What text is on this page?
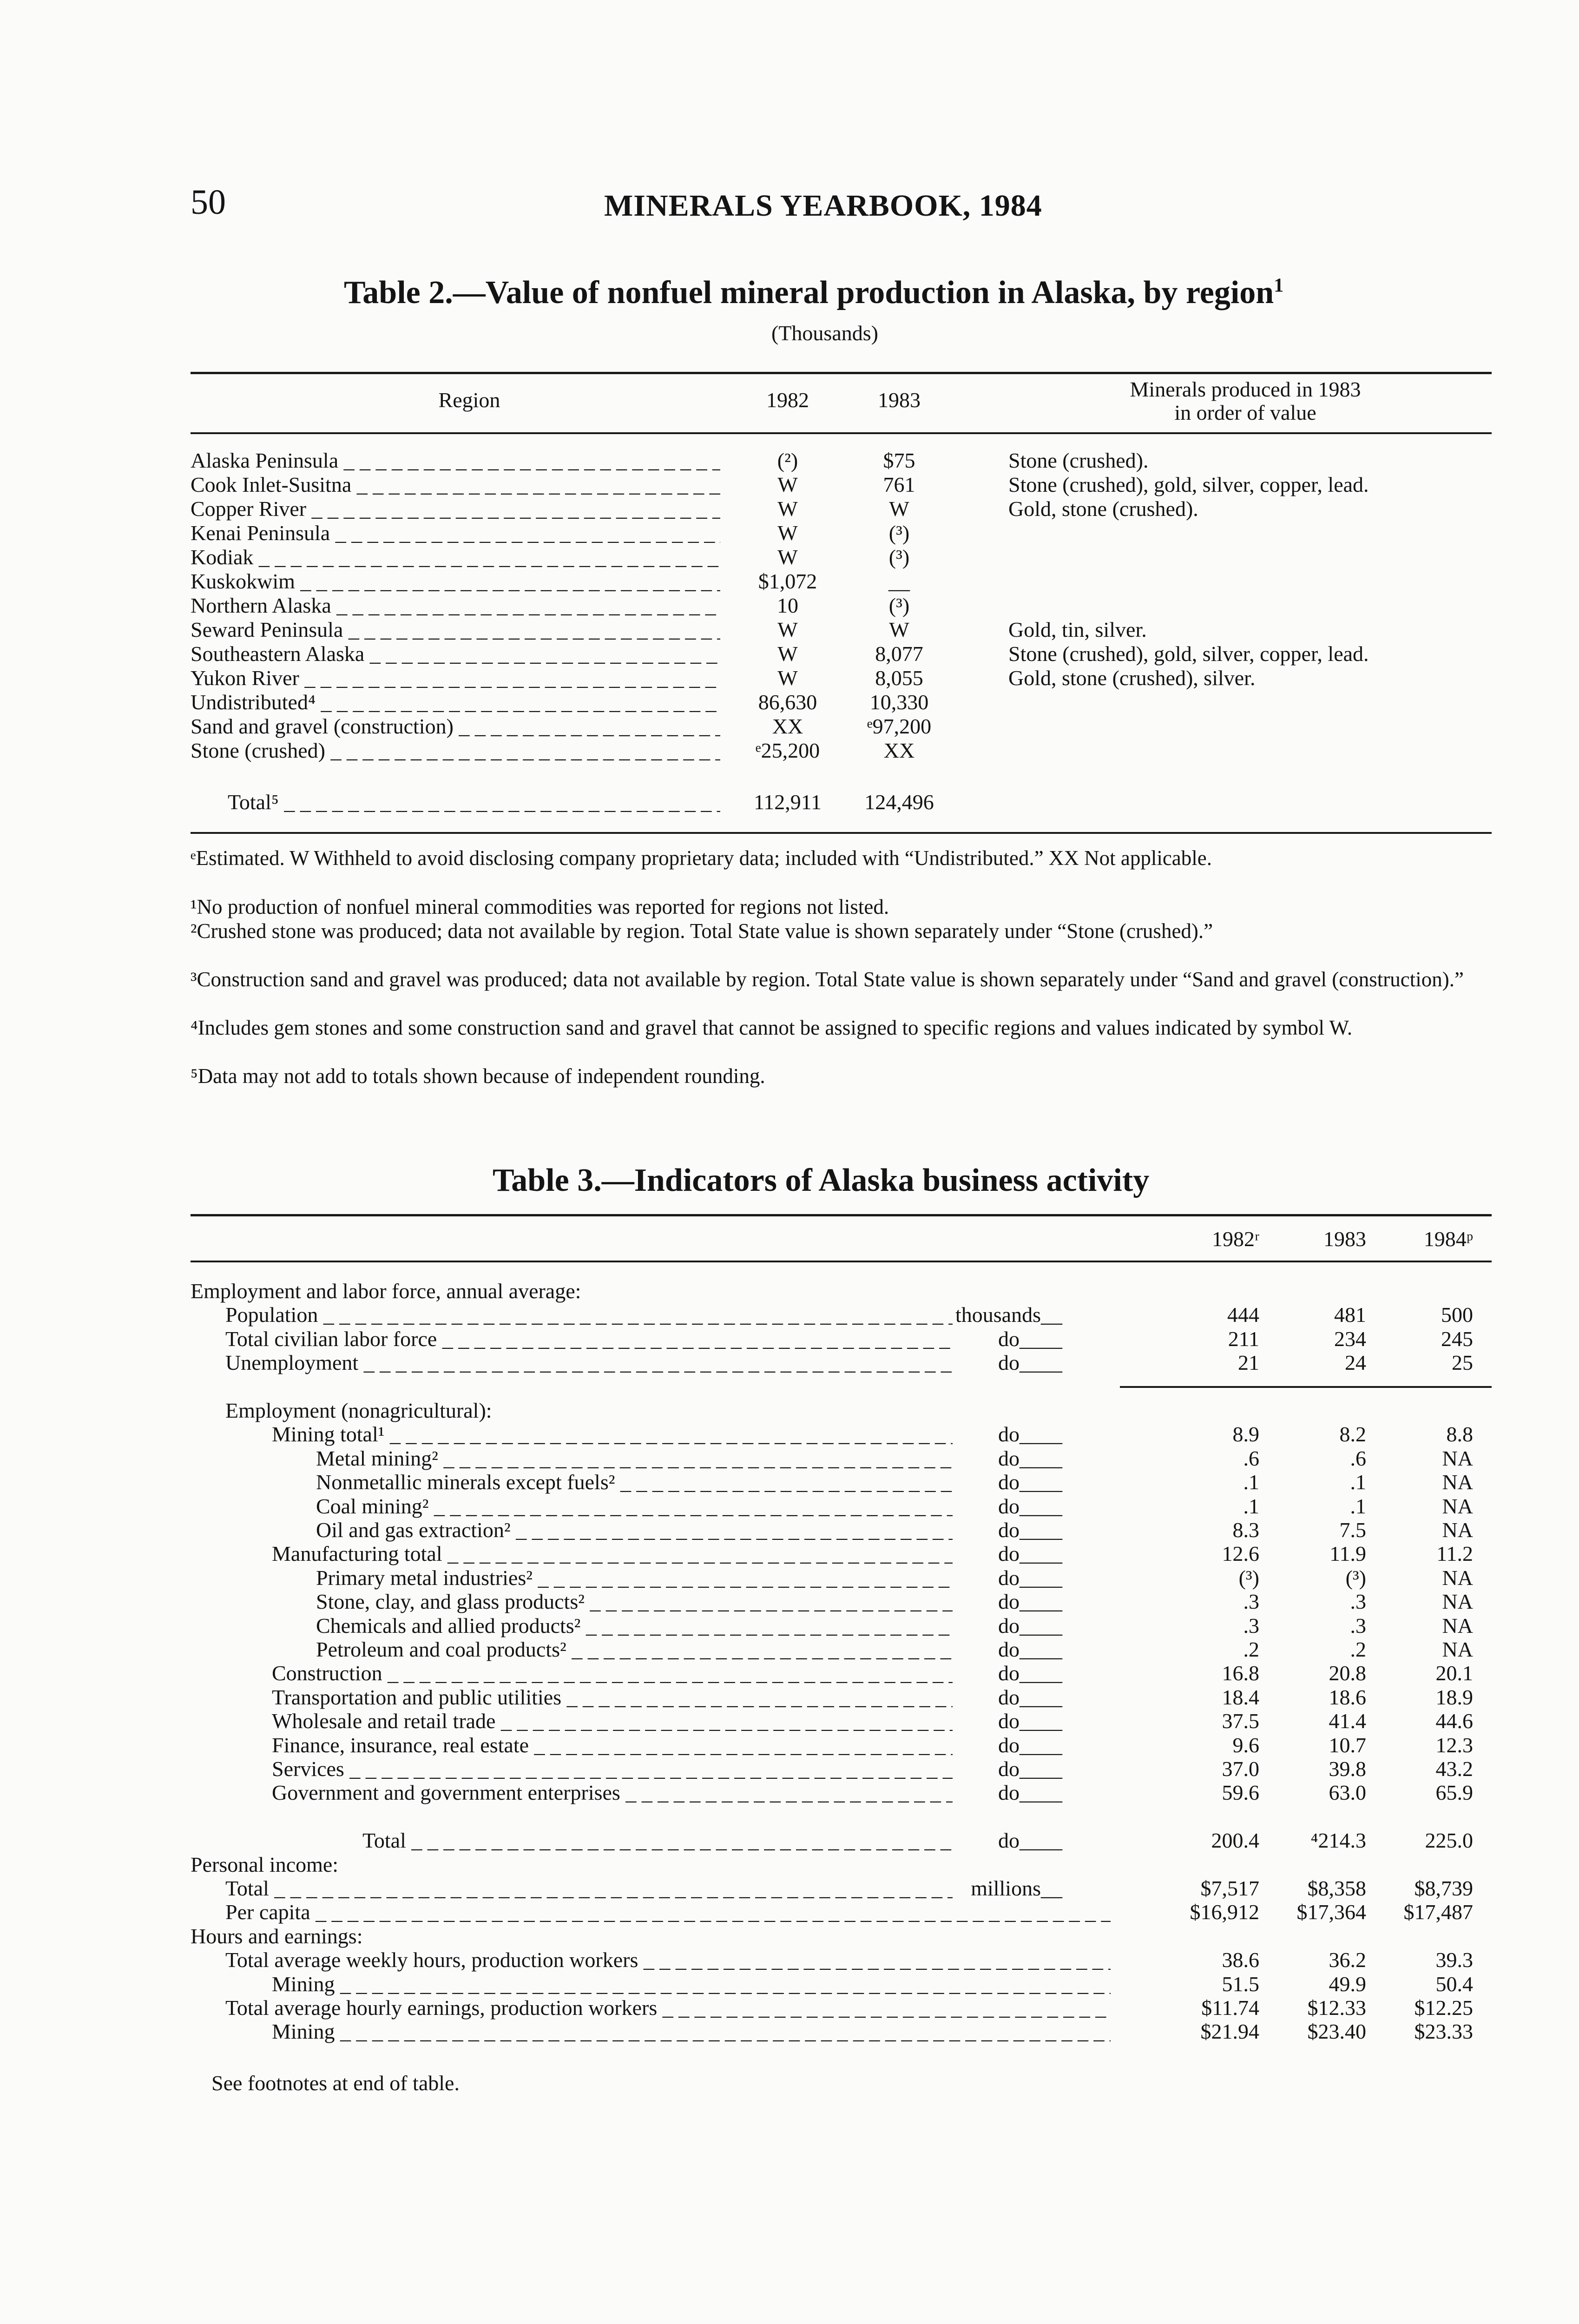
50	MINERALS YEARBOOK, 1984
Table 2.—Value of nonfuel mineral production in Alaska, by region$^1$
(Thousands)
Region	1982	1983	Minerals produced in 1983
in order of value
Alaska Peninsula _ _ _	(²)	$75	Stone (crushed).
Cook Inlet-Susitna _ _ _	W	761	Stone (crushed), gold, silver, copper, lead.
Copper River _ _ _	W	W	Gold, stone (crushed).
Kenai Peninsula _ _ _	W	(³)
Kodiak _ _ _	W	(³)
Kuskokwim _ _ _	$1,072	__
Northern Alaska _ _ _	10	(³)
Seward Peninsula _ _ _	W	W	Gold, tin, silver.
Southeastern Alaska _ _ _	W	8,077	Stone (crushed), gold, silver, copper, lead.
Yukon River _ _ _	W	8,055	Gold, stone (crushed), silver.
Undistributed⁴ _ _ _	86,630	10,330
Sand and gravel (construction) _ _ _	XX	ᵉ97,200
Stone (crushed) _ _ _	ᵉ25,200	XX
Total⁵ _ _ _	112,911	124,496
ᵉEstimated. W Withheld to avoid disclosing company proprietary data; included with “Undistributed.” XX Not applicable.
¹No production of nonfuel mineral commodities was reported for regions not listed.
²Crushed stone was produced; data not available by region. Total State value is shown separately under “Stone (crushed).”
³Construction sand and gravel was produced; data not available by region. Total State value is shown separately under “Sand and gravel (construction).”
⁴Includes gem stones and some construction sand and gravel that cannot be assigned to specific regions and values indicated by symbol W.
⁵Data may not add to totals shown because of independent rounding.
Table 3.—Indicators of Alaska business activity
1982ʳ	1983	1984ᵖ
Employment and labor force, annual average:
Population _ _ _	thousands__	444	481	500
Total civilian labor force _ _ _	do____	211	234	245
Unemployment _ _ _	do____	21	24	25
Employment (nonagricultural):
Mining total¹ _ _ _	do____	8.9	8.2	8.8
Metal mining² _ _ _	do____	.6	.6	NA
Nonmetallic minerals except fuels² _ _ _	do____	.1	.1	NA
Coal mining² _ _ _	do____	.1	.1	NA
Oil and gas extraction² _ _ _	do____	8.3	7.5	NA
Manufacturing total _ _ _	do____	12.6	11.9	11.2
Primary metal industries² _ _ _	do____	(³)	(³)	NA
Stone, clay, and glass products² _ _ _	do____	.3	.3	NA
Chemicals and allied products² _ _ _	do____	.3	.3	NA
Petroleum and coal products² _ _ _	do____	.2	.2	NA
Construction _ _ _	do____	16.8	20.8	20.1
Transportation and public utilities _ _ _	do____	18.4	18.6	18.9
Wholesale and retail trade _ _ _	do____	37.5	41.4	44.6
Finance, insurance, real estate _ _ _	do____	9.6	10.7	12.3
Services _ _ _	do____	37.0	39.8	43.2
Government and government enterprises _ _ _	do____	59.6	63.0	65.9
Total _ _ _	do____	200.4	⁴214.3	225.0
Personal income:
Total _ _ _	millions__	$7,517	$8,358	$8,739
Per capita _ _ _	$16,912	$17,364	$17,487
Hours and earnings:
Total average weekly hours, production workers _ _ _	38.6	36.2	39.3
Mining _ _ _	51.5	49.9	50.4
Total average hourly earnings, production workers _ _ _	$11.74	$12.33	$12.25
Mining _ _ _	$21.94	$23.40	$23.33
See footnotes at end of table.
